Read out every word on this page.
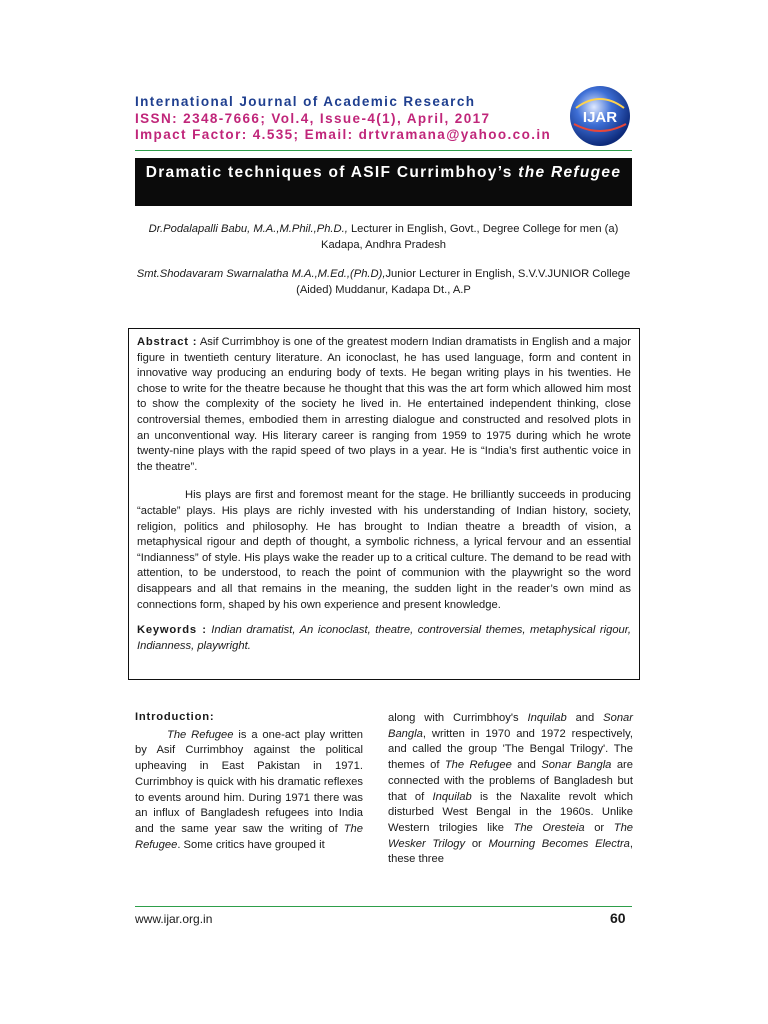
International Journal of Academic Research
ISSN: 2348-7666; Vol.4, Issue-4(1), April, 2017
Impact Factor: 4.535; Email: drtvramana@yahoo.co.in
IJAR
Dramatic techniques of ASIF Currimbhoy’s the Refugee
Dr.Podalapalli Babu, M.A.,M.Phil.,Ph.D., Lecturer in English, Govt., Degree College for men (a) Kadapa, Andhra Pradesh
Smt.Shodavaram Swarnalatha M.A.,M.Ed.,(Ph.D),Junior Lecturer in English, S.V.V.JUNIOR College (Aided) Muddanur, Kadapa Dt., A.P

Abstract : Asif Currimbhoy is one of the greatest modern Indian dramatists in English and a major figure in twentieth century literature. An iconoclast, he has used language, form and content in innovative way producing an enduring body of texts. He began writing plays in his twenties. He chose to write for the theatre because he thought that this was the art form which allowed him most to show the complexity of the society he lived in. He entertained independent thinking, close controversial themes, embodied them in arresting dialogue and constructed and resolved plots in an unconventional way. His literary career is ranging from 1959 to 1975 during which he wrote twenty-nine plays with the rapid speed of two plays in a year. He is “India’s first authentic voice in the theatre”.

His plays are first and foremost meant for the stage. He brilliantly succeeds in producing “actable” plays. His plays are richly invested with his understanding of Indian history, society, religion, politics and philosophy. He has brought to Indian theatre a breadth of vision, a metaphysical rigour and depth of thought, a symbolic richness, a lyrical fervour and an essential “Indianness” of style. His plays wake the reader up to a critical culture. The demand to be read with attention, to be understood, to reach the point of communion with the playwright so the word disappears and all that remains in the meaning, the sudden light in the reader’s own mind as connections form, shaped by his own experience and present knowledge.

Keywords : Indian dramatist, An iconoclast, theatre, controversial themes, metaphysical rigour, Indianness, playwright.

Introduction:

The Refugee is a one-act play written by Asif Currimbhoy against the political upheaving in East Pakistan in 1971. Currimbhoy is quick with his dramatic reflexes to events around him. During 1971 there was an influx of Bangladesh refugees into India and the same year saw the writing of The Refugee. Some critics have grouped it

along with Currimbhoy's Inquilab and Sonar Bangla, written in 1970 and 1972 respectively, and called the group 'The Bengal Trilogy'. The themes of The Refugee and Sonar Bangla are connected with the problems of Bangladesh but that of Inquilab is the Naxalite revolt which disturbed West Bengal in the 1960s. Unlike Western trilogies like The Oresteia or The Wesker Trilogy or Mourning Becomes Electra, these three

www.ijar.org.in	60
